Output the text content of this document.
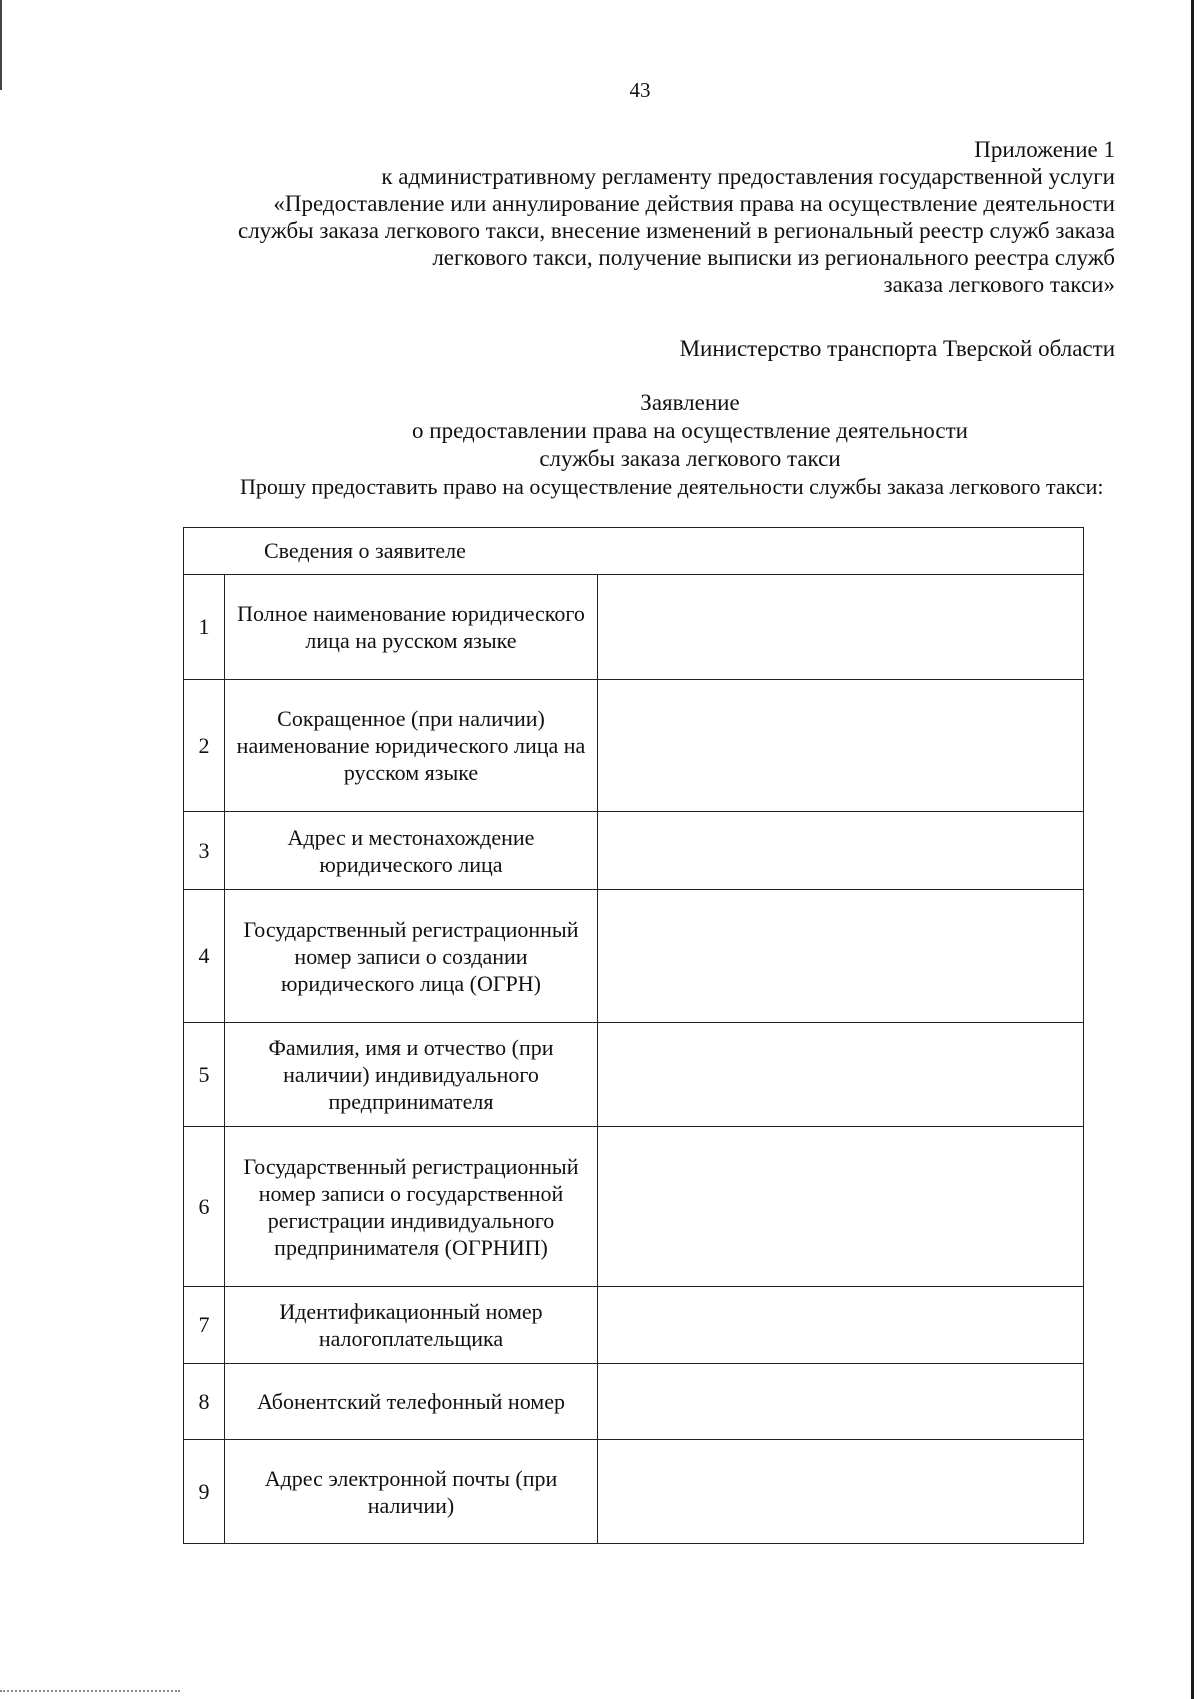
43
Приложение 1
к административному регламенту предоставления государственной услуги
«Предоставление или аннулирование действия права на осуществление деятельности
службы заказа легкового такси, внесение изменений в региональный реестр служб заказа
легкового такси, получение выписки из регионального реестра служб
заказа легкового такси»
Министерство транспорта Тверской области
Заявление
о предоставлении права на осуществление деятельности
службы заказа легкового такси
Прошу предоставить право на осуществление деятельности службы заказа легкового такси:
Сведения о заявителе		
1	Полное наименование юридического лица на русском языке	
2	Сокращенное (при наличии) наименование юридического лица на русском языке	
3	Адрес и местонахождение юридического лица	
4	Государственный регистрационный номер записи о создании юридического лица (ОГРН)	
5	Фамилия, имя и отчество (при наличии) индивидуального предпринимателя	
6	Государственный регистрационный номер записи о государственной регистрации индивидуального предпринимателя (ОГРНИП)	
7	Идентификационный номер налогоплательщика	
8	Абонентский телефонный номер	
9	Адрес электронной почты (при наличии)	
